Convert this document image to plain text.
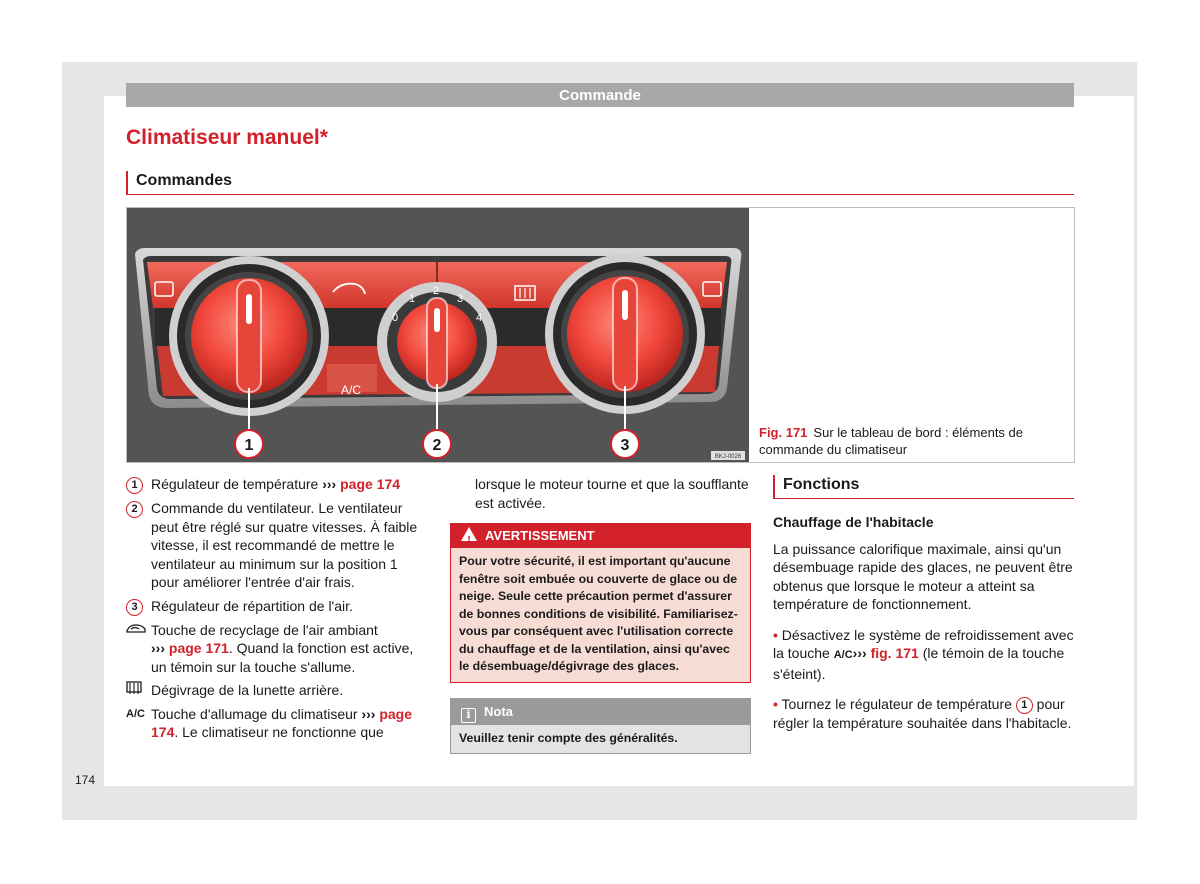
Commande
Climatiseur manuel*
Commandes
0
1
2
3
4
A/C
1	2	3
BKJ-0026
Fig. 171 Sur le tableau de bord : éléments de commande du climatiseur
1 Régulateur de température ››› page 174
2 Commande du ventilateur. Le ventilateur peut être réglé sur quatre vitesses. À faible vitesse, il est recommandé de mettre le ventilateur au minimum sur la position 1 pour améliorer l'entrée d'air frais.
3 Régulateur de répartition de l'air.
Touche de recyclage de l'air ambiant
››› page 171. Quand la fonction est active, un témoin sur la touche s'allume.
Dégivrage de la lunette arrière.
A/C Touche d'allumage du climatiseur ››› page 174. Le climatiseur ne fonctionne que
lorsque le moteur tourne et que la soufflante est activée.
! AVERTISSEMENT
Pour votre sécurité, il est important qu'aucune fenêtre soit embuée ou couverte de glace ou de neige. Seule cette précaution permet d'assurer de bonnes conditions de visibilité. Familiarisez-vous par conséquent avec l'utilisation correcte du chauffage et de la ventilation, ainsi qu'avec le désembuage/dégivrage des glaces.
i Nota
Veuillez tenir compte des généralités.
Fonctions
Chauffage de l'habitacle
La puissance calorifique maximale, ainsi qu'un désembuage rapide des glaces, ne peuvent être obtenus que lorsque le moteur a atteint sa température de fonctionnement.
• Désactivez le système de refroidissement avec la touche A/C››› fig. 171 (le témoin de la touche s'éteint).
• Tournez le régulateur de température 1 pour régler la température souhaitée dans l'habitacle.
174
